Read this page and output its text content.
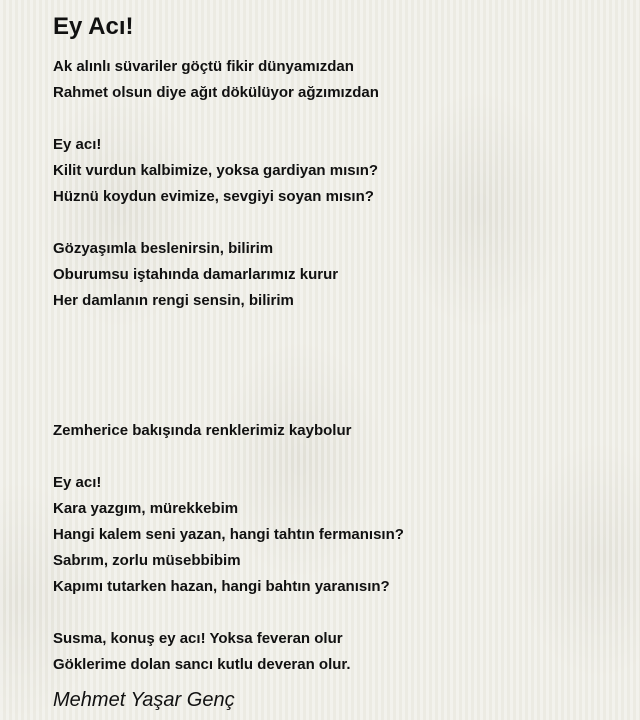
Ey Acı!
Ak alınlı süvariler göçtü fikir dünyamızdan
Rahmet olsun diye ağıt dökülüyor ağzımızdan
Ey acı!
Kilit vurdun kalbimize, yoksa gardiyan mısın?
Hüznü koydun evimize, sevgiyi soyan mısın?
Gözyaşımla beslenirsin, bilirim
Oburumsu iştahında damarlarımız kurur
Her damlanın rengi sensin, bilirim
Zemherice bakışında renklerimiz kaybolur
Ey acı!
Kara yazgım, mürekkebim
Hangi kalem seni yazan, hangi tahtın fermanısın?
Sabrım, zorlu müsebbibim
Kapımı tutarken hazan, hangi bahtın yaranısın?
Susma, konuş ey acı! Yoksa feveran olur
Göklerime dolan sancı kutlu deveran olur.
Mehmet Yaşar Genç
